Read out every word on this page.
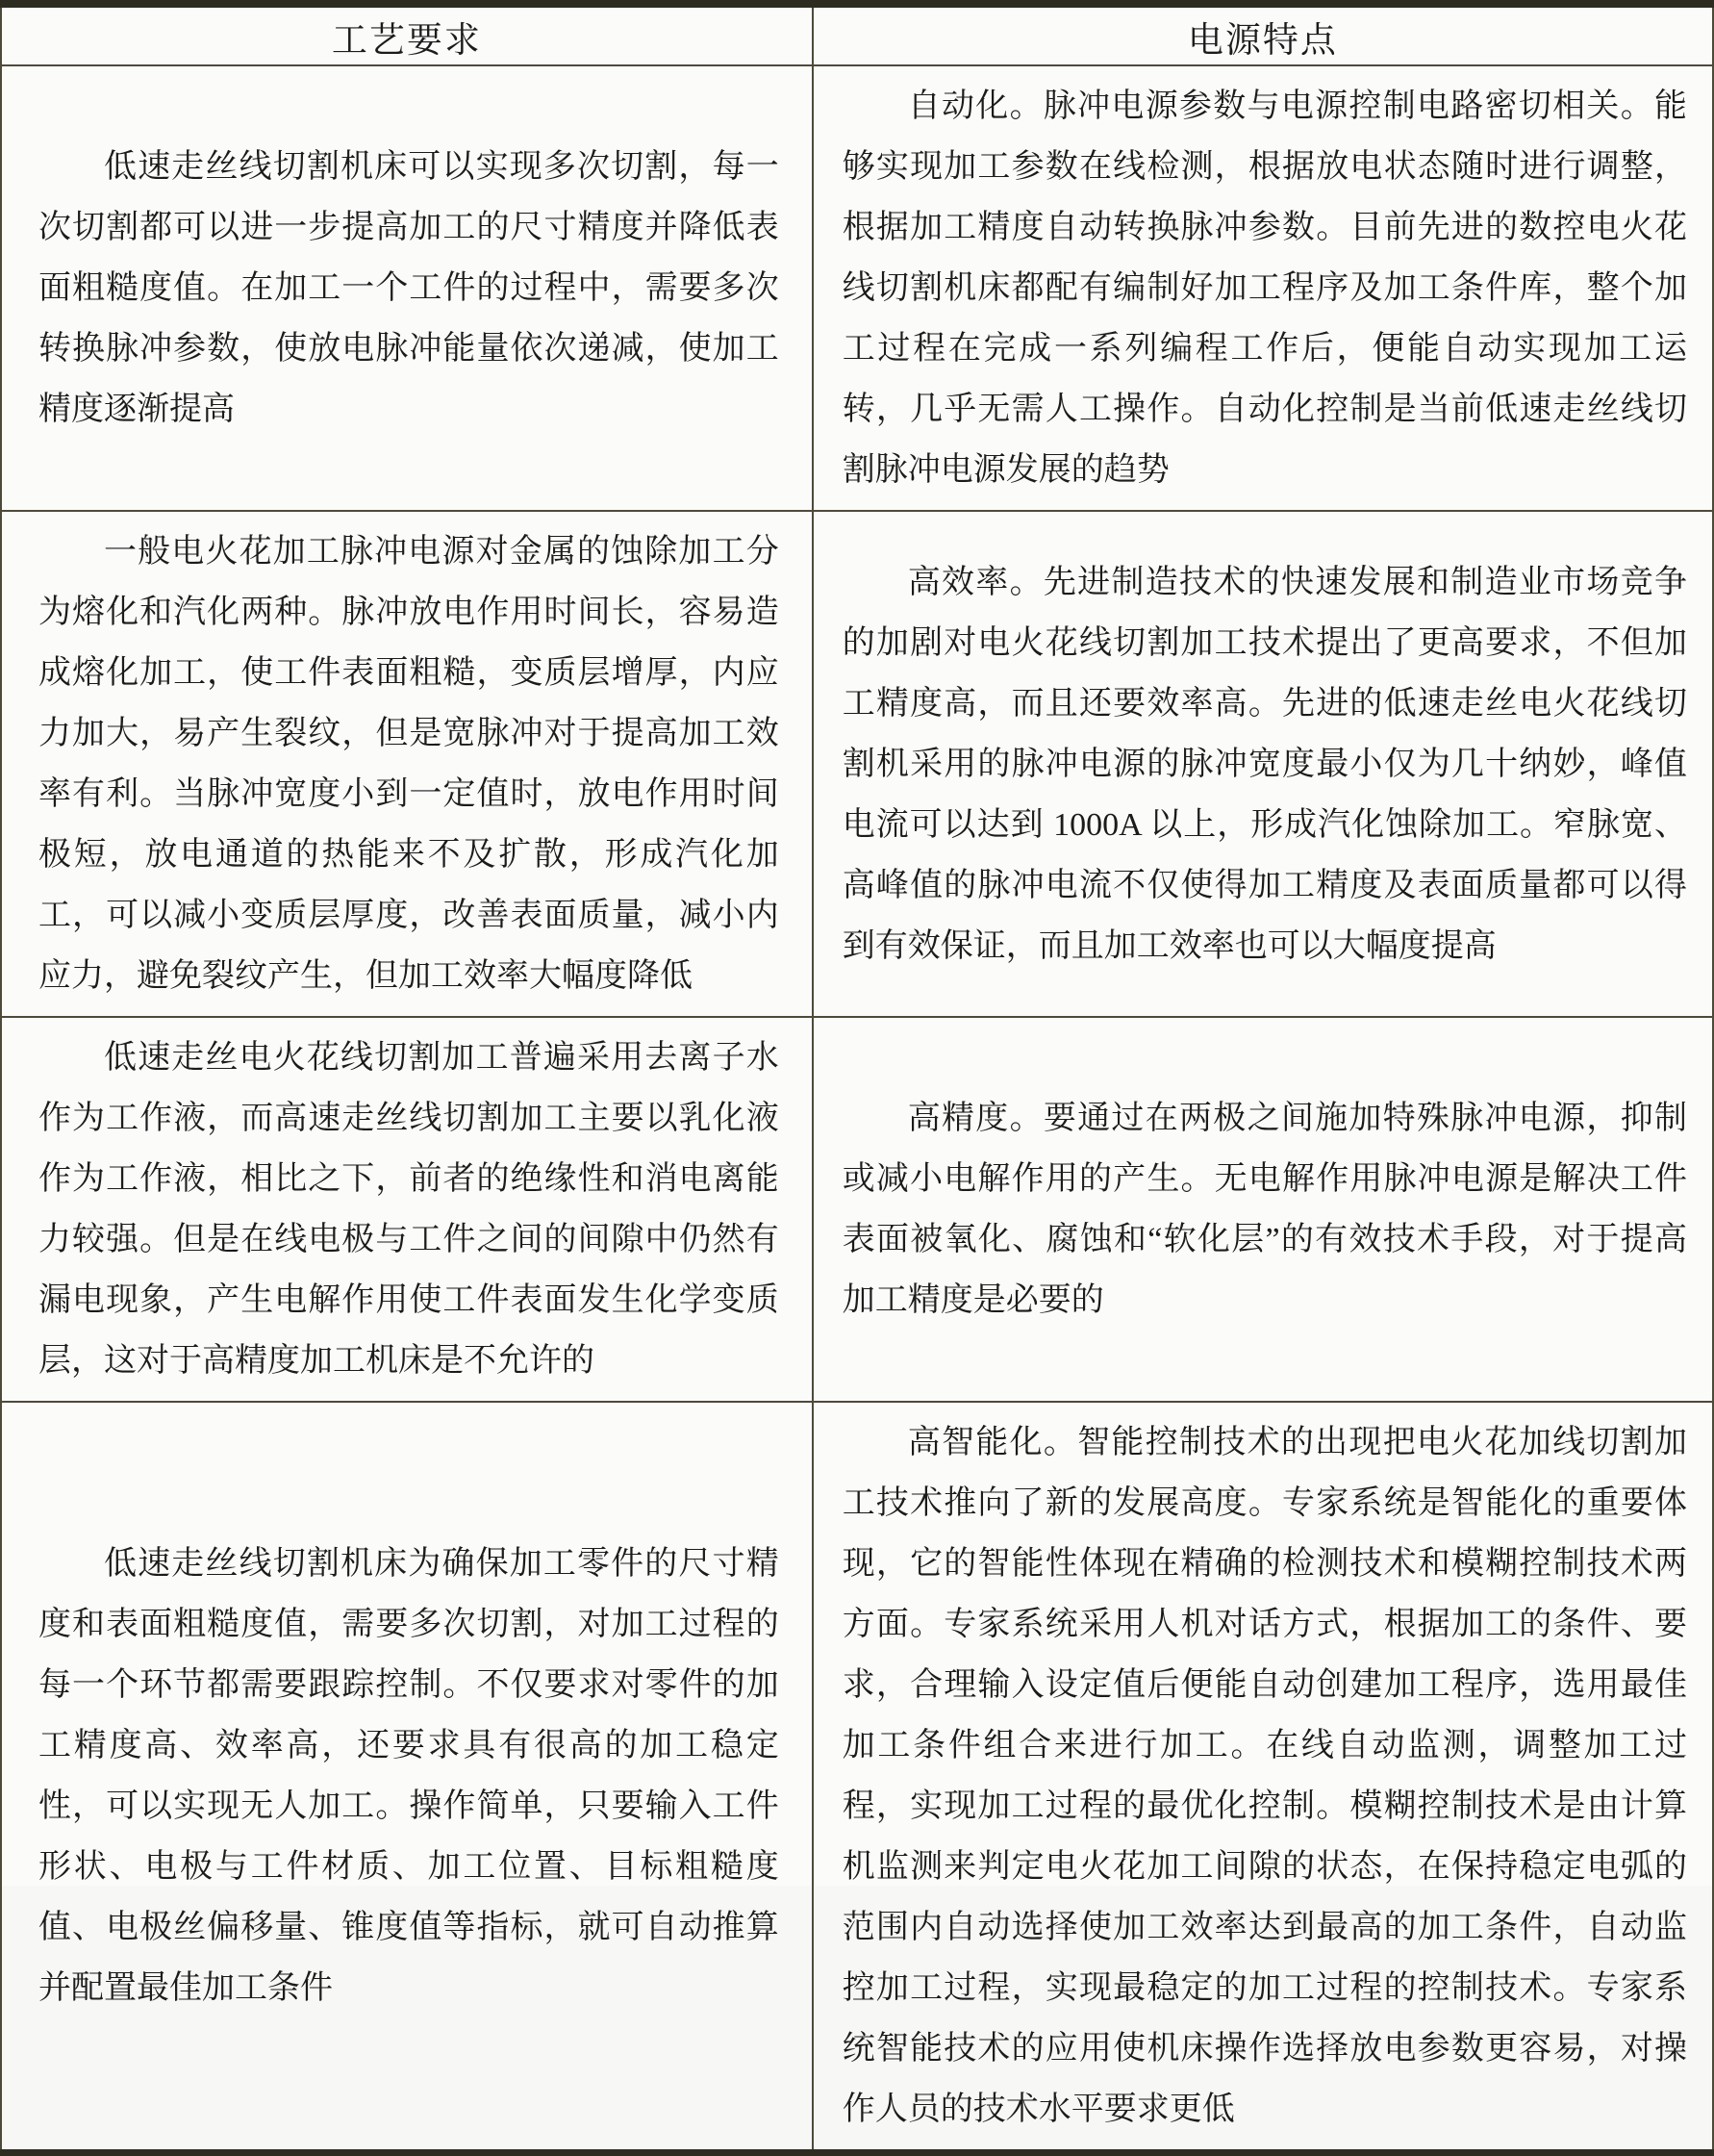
工艺要求	电源特点

低速走丝线切割机床可以实现多次切割，每一次切割都可以进一步提高加工的尺寸精度并降低表面粗糙度值。在加工一个工件的过程中，需要多次转换脉冲参数，使放电脉冲能量依次递减，使加工精度逐渐提高	自动化。脉冲电源参数与电源控制电路密切相关。能够实现加工参数在线检测，根据放电状态随时进行调整，根据加工精度自动转换脉冲参数。目前先进的数控电火花线切割机床都配有编制好加工程序及加工条件库，整个加工过程在完成一系列编程工作后，便能自动实现加工运转，几乎无需人工操作。自动化控制是当前低速走丝线切割脉冲电源发展的趋势

一般电火花加工脉冲电源对金属的蚀除加工分为熔化和汽化两种。脉冲放电作用时间长，容易造成熔化加工，使工件表面粗糙，变质层增厚，内应力加大，易产生裂纹，但是宽脉冲对于提高加工效率有利。当脉冲宽度小到一定值时，放电作用时间极短，放电通道的热能来不及扩散，形成汽化加工，可以减小变质层厚度，改善表面质量，减小内应力，避免裂纹产生，但加工效率大幅度降低	高效率。先进制造技术的快速发展和制造业市场竞争的加剧对电火花线切割加工技术提出了更高要求，不但加工精度高，而且还要效率高。先进的低速走丝电火花线切割机采用的脉冲电源的脉冲宽度最小仅为几十纳妙，峰值电流可以达到 1000A 以上，形成汽化蚀除加工。窄脉宽、高峰值的脉冲电流不仅使得加工精度及表面质量都可以得到有效保证，而且加工效率也可以大幅度提高

低速走丝电火花线切割加工普遍采用去离子水作为工作液，而高速走丝线切割加工主要以乳化液作为工作液，相比之下，前者的绝缘性和消电离能力较强。但是在线电极与工件之间的间隙中仍然有漏电现象，产生电解作用使工件表面发生化学变质层，这对于高精度加工机床是不允许的	高精度。要通过在两极之间施加特殊脉冲电源，抑制或减小电解作用的产生。无电解作用脉冲电源是解决工件表面被氧化、腐蚀和“软化层”的有效技术手段，对于提高加工精度是必要的

低速走丝线切割机床为确保加工零件的尺寸精度和表面粗糙度值，需要多次切割，对加工过程的每一个环节都需要跟踪控制。不仅要求对零件的加工精度高、效率高，还要求具有很高的加工稳定性，可以实现无人加工。操作简单，只要输入工件形状、电极与工件材质、加工位置、目标粗糙度值、电极丝偏移量、锥度值等指标，就可自动推算并配置最佳加工条件	高智能化。智能控制技术的出现把电火花加线切割加工技术推向了新的发展高度。专家系统是智能化的重要体现，它的智能性体现在精确的检测技术和模糊控制技术两方面。专家系统采用人机对话方式，根据加工的条件、要求，合理输入设定值后便能自动创建加工程序，选用最佳加工条件组合来进行加工。在线自动监测，调整加工过程，实现加工过程的最优化控制。模糊控制技术是由计算机监测来判定电火花加工间隙的状态，在保持稳定电弧的范围内自动选择使加工效率达到最高的加工条件，自动监控加工过程，实现最稳定的加工过程的控制技术。专家系统智能技术的应用使机床操作选择放电参数更容易，对操作人员的技术水平要求更低
